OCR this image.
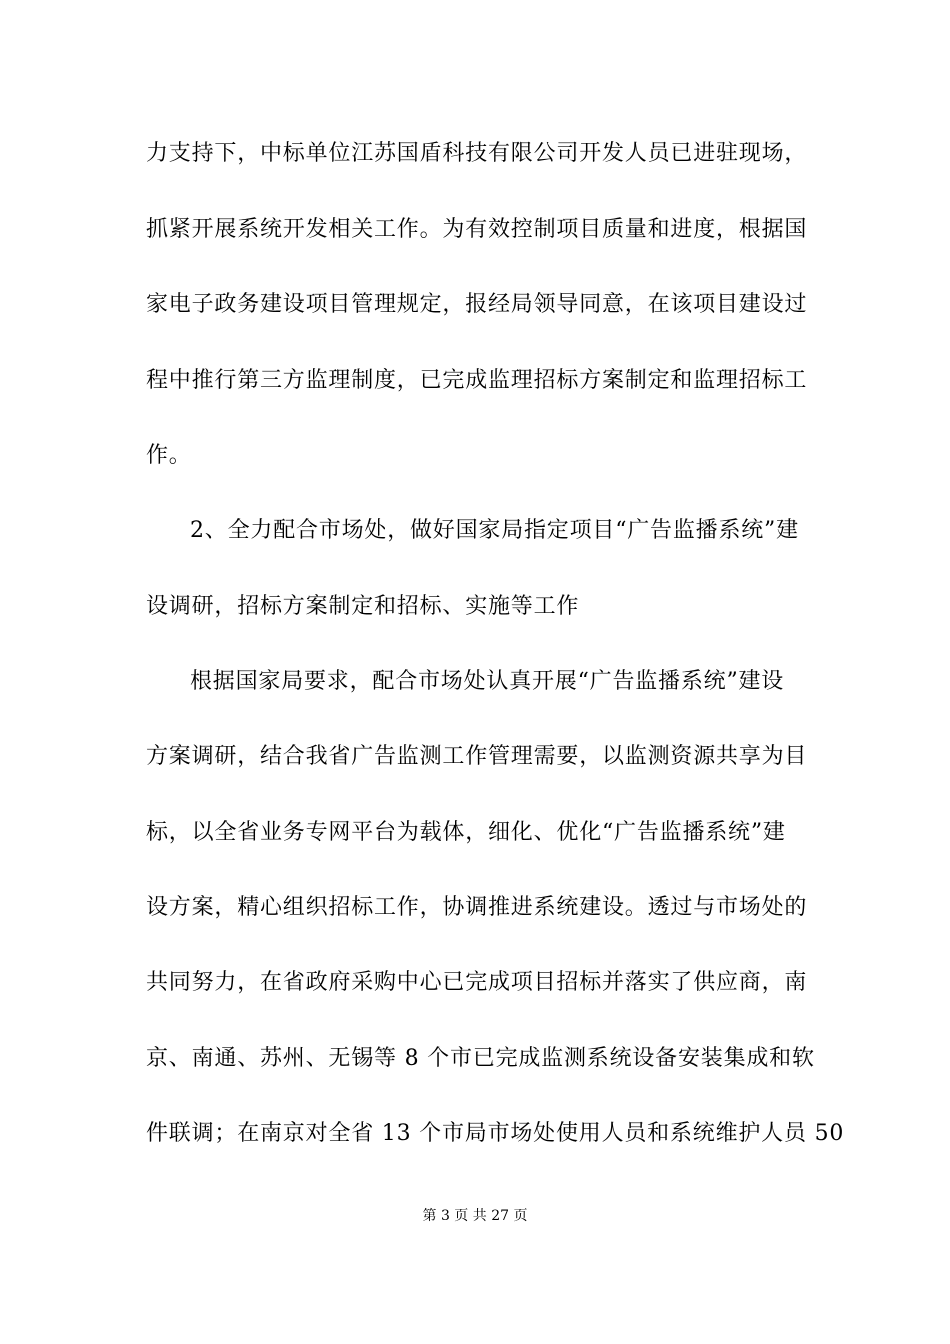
力支持下，中标单位江苏国盾科技有限公司开发人员已进驻现场，
抓紧开展系统开发相关工作。为有效控制项目质量和进度，根据国
家电子政务建设项目管理规定，报经局领导同意，在该项目建设过
程中推行第三方监理制度，已完成监理招标方案制定和监理招标工
作。
2、全力配合市场处，做好国家局指定项目“广告监播系统”建
设调研，招标方案制定和招标、实施等工作
根据国家局要求，配合市场处认真开展“广告监播系统”建设
方案调研，结合我省广告监测工作管理需要，以监测资源共享为目
标，以全省业务专网平台为载体，细化、优化“广告监播系统”建
设方案，精心组织招标工作，协调推进系统建设。透过与市场处的
共同努力，在省政府采购中心已完成项目招标并落实了供应商，南
京、南通、苏州、无锡等 8 个市已完成监测系统设备安装集成和软
件联调；在南京对全省 13 个市局市场处使用人员和系统维护人员 50
第 3 页 共 27 页
